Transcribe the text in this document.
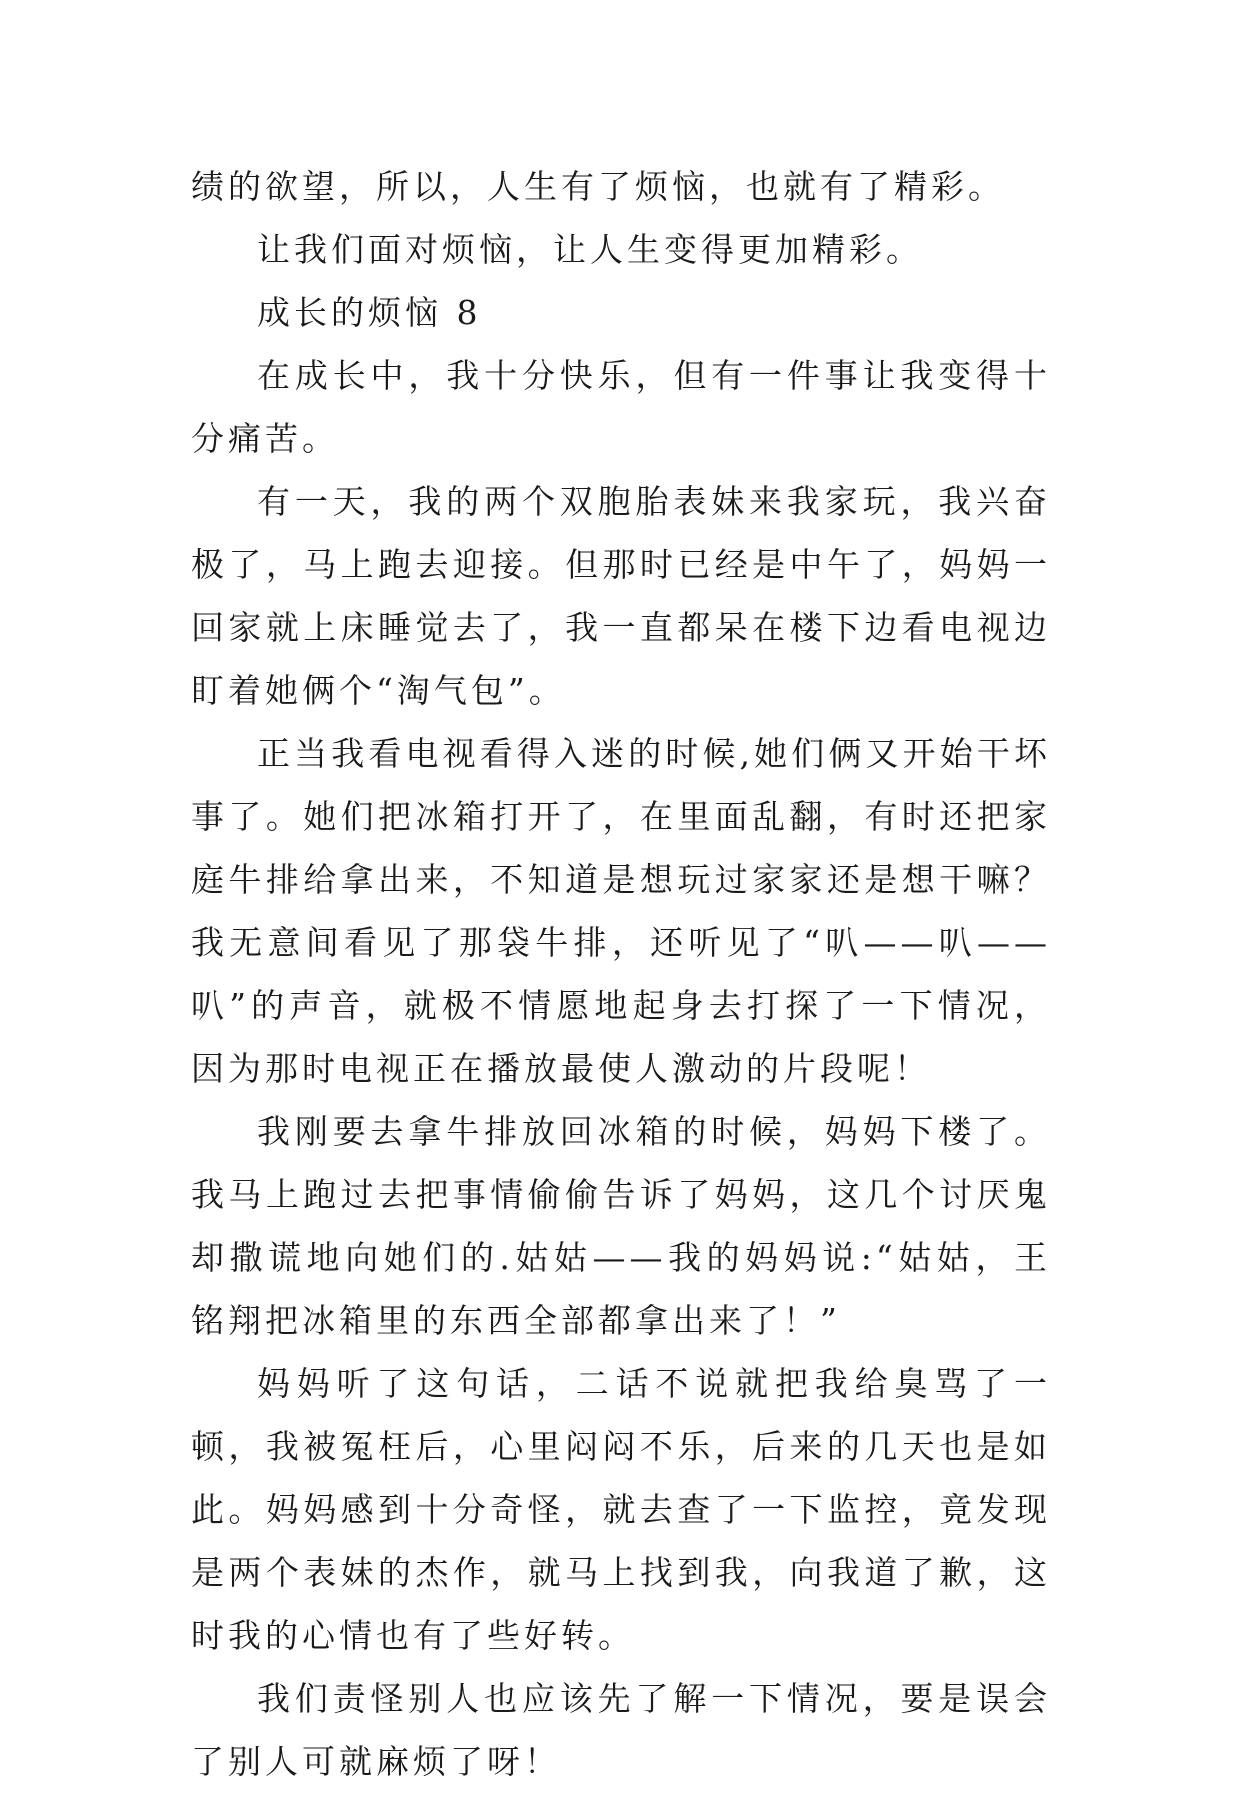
绩的欲望，所以，人生有了烦恼，也就有了精彩。

让我们面对烦恼，让人生变得更加精彩。

成长的烦恼 8

在成长中，我十分快乐，但有一件事让我变得十分痛苦。

有一天，我的两个双胞胎表妹来我家玩，我兴奋极了，马上跑去迎接。但那时已经是中午了，妈妈一回家就上床睡觉去了，我一直都呆在楼下边看电视边盯着她俩个“淘气包”。

正当我看电视看得入迷的时候,她们俩又开始干坏事了。她们把冰箱打开了，在里面乱翻，有时还把家庭牛排给拿出来，不知道是想玩过家家还是想干嘛？我无意间看见了那袋牛排，还听见了“叭——叭——叭”的声音，就极不情愿地起身去打探了一下情况，因为那时电视正在播放最使人激动的片段呢！

我刚要去拿牛排放回冰箱的时候，妈妈下楼了。我马上跑过去把事情偷偷告诉了妈妈，这几个讨厌鬼却撒谎地向她们的.姑姑——我的妈妈说:“姑姑，王铭翔把冰箱里的东西全部都拿出来了！”

妈妈听了这句话，二话不说就把我给臭骂了一顿，我被冤枉后，心里闷闷不乐，后来的几天也是如此。妈妈感到十分奇怪，就去查了一下监控，竟发现是两个表妹的杰作，就马上找到我，向我道了歉，这时我的心情也有了些好转。

我们责怪别人也应该先了解一下情况，要是误会了别人可就麻烦了呀！
